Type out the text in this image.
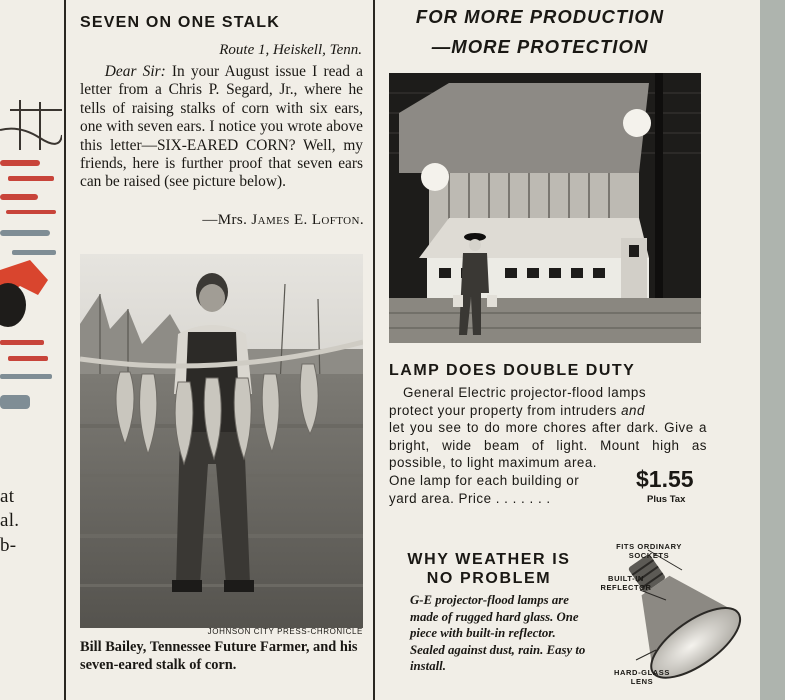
at
al.
b-
SEVEN ON ONE STALK
Route 1, Heiskell, Tenn.
Dear Sir: In your August issue I read a letter from a Chris P. Segard, Jr., where he tells of raising stalks of corn with six ears, one with seven ears. I notice you wrote above this letter—SIX-EARED CORN? Well, my friends, here is further proof that seven ears can be raised (see picture below).
—Mrs. James E. Lofton.
JOHNSON CITY PRESS-CHRONICLE
Bill Bailey, Tennessee Future Farmer, and his seven-eared stalk of corn.
FOR MORE PRODUCTION
—MORE PROTECTION
LAMP DOES DOUBLE DUTY

General Electric projector-flood lamps

protect your property from intruders and

let you see to do more chores after dark. Give a bright, wide beam of light. Mount high as possible, to light maximum area.

One lamp for each building or

yard area. Price . . . . . . .

$1.55
Plus Tax
WHY WEATHER IS
NO PROBLEM
G-E projector-flood lamps are made of rugged hard glass. One piece with built-in reflector. Sealed against dust, rain. Easy to install.
FITS ORDINARY SOCKETS
BUILT-IN REFLECTOR
HARD-GLASS LENS
